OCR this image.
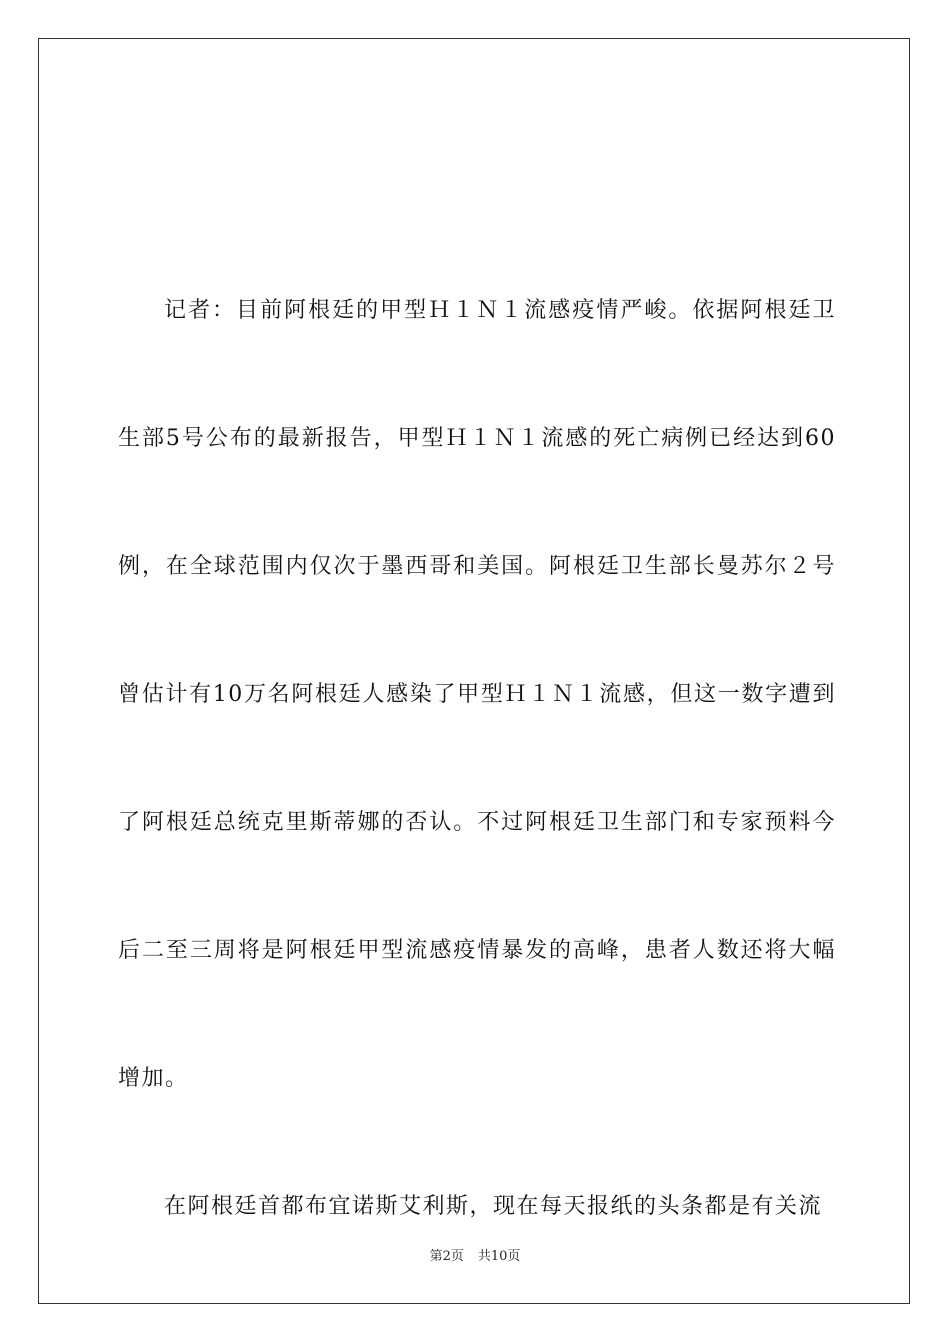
记者：目前阿根廷的甲型Ｈ１Ｎ１流感疫情严峻。依据阿根廷卫生部5号公布的最新报告，甲型Ｈ１Ｎ１流感的死亡病例已经达到60例，在全球范围内仅次于墨西哥和美国。阿根廷卫生部长曼苏尔２号曾估计有10万名阿根廷人感染了甲型Ｈ１Ｎ１流感，但这一数字遭到了阿根廷总统克里斯蒂娜的否认。不过阿根廷卫生部门和专家预料今后二至三周将是阿根廷甲型流感疫情暴发的高峰，患者人数还将大幅增加。

在阿根廷首都布宜诺斯艾利斯，现在每天报纸的头条都是有关流

第2页 共10页
